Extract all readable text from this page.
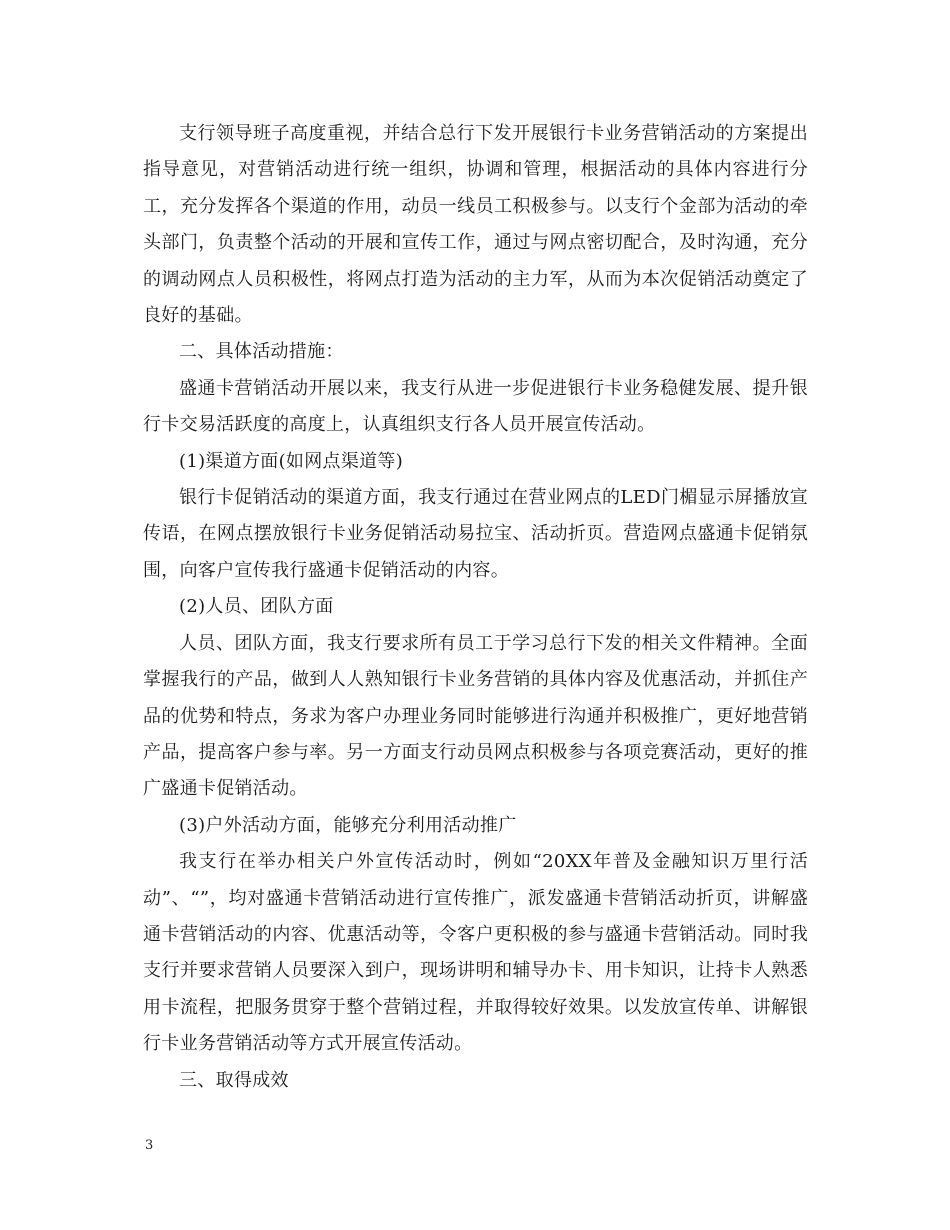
支行领导班子高度重视，并结合总行下发开展银行卡业务营销活动的方案提出指导意见，对营销活动进行统一组织，协调和管理，根据活动的具体内容进行分工，充分发挥各个渠道的作用，动员一线员工积极参与。以支行个金部为活动的牵头部门，负责整个活动的开展和宣传工作，通过与网点密切配合，及时沟通，充分的调动网点人员积极性，将网点打造为活动的主力军，从而为本次促销活动奠定了良好的基础。

二、具体活动措施：

盛通卡营销活动开展以来，我支行从进一步促进银行卡业务稳健发展、提升银行卡交易活跃度的高度上，认真组织支行各人员开展宣传活动。

(1)渠道方面(如网点渠道等)

银行卡促销活动的渠道方面，我支行通过在营业网点的LED门楣显示屏播放宣传语，在网点摆放银行卡业务促销活动易拉宝、活动折页。营造网点盛通卡促销氛围，向客户宣传我行盛通卡促销活动的内容。

(2)人员、团队方面

人员、团队方面，我支行要求所有员工于学习总行下发的相关文件精神。全面掌握我行的产品，做到人人熟知银行卡业务营销的具体内容及优惠活动，并抓住产品的优势和特点，务求为客户办理业务同时能够进行沟通并积极推广，更好地营销产品，提高客户参与率。另一方面支行动员网点积极参与各项竞赛活动，更好的推广盛通卡促销活动。

(3)户外活动方面，能够充分利用活动推广

我支行在举办相关户外宣传活动时，例如“20XX年普及金融知识万里行活动”、“”，均对盛通卡营销活动进行宣传推广，派发盛通卡营销活动折页，讲解盛通卡营销活动的内容、优惠活动等，令客户更积极的参与盛通卡营销活动。同时我支行并要求营销人员要深入到户，现场讲明和辅导办卡、用卡知识，让持卡人熟悉用卡流程，把服务贯穿于整个营销过程，并取得较好效果。以发放宣传单、讲解银行卡业务营销活动等方式开展宣传活动。

三、取得成效

3
